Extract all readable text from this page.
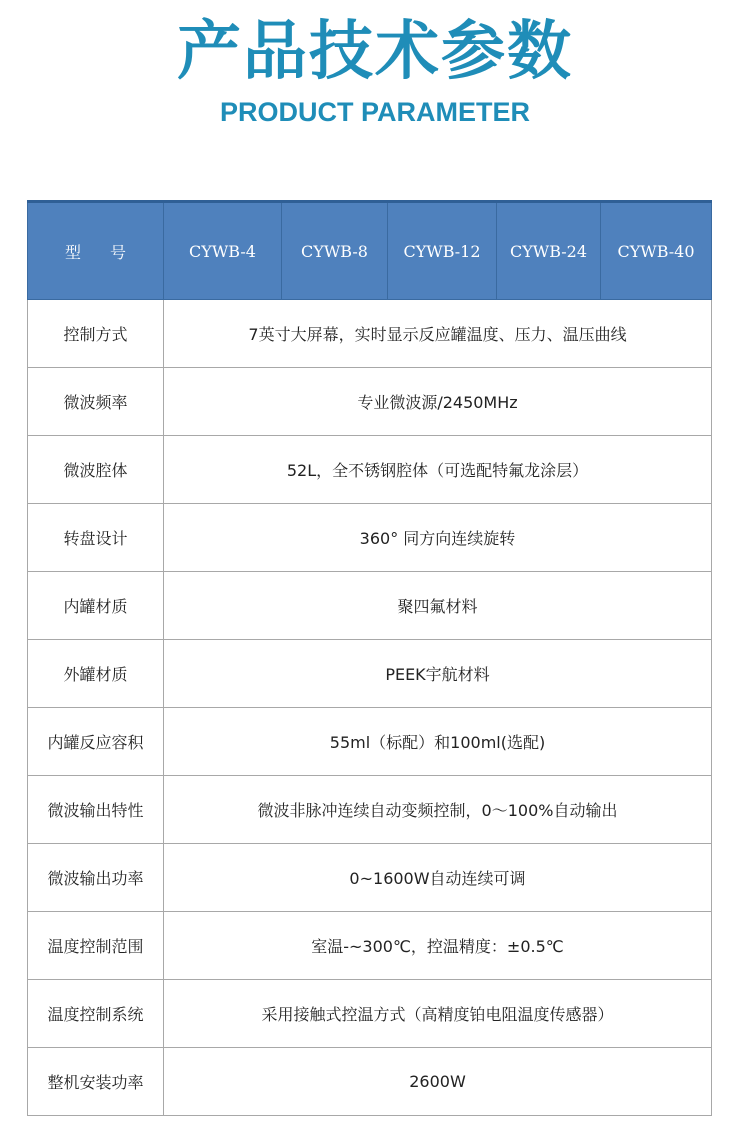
产品技术参数
PRODUCT PARAMETER
型 号	CYWB-4	CYWB-8	CYWB-12	CYWB-24	CYWB-40
控制方式	7英寸大屏幕，实时显示反应罐温度、压力、温压曲线				
微波频率	专业微波源/2450MHz				
微波腔体	52L，全不锈钢腔体（可选配特氟龙涂层）				
转盘设计	360° 同方向连续旋转				
内罐材质	聚四氟材料				
外罐材质	PEEK宇航材料				
内罐反应容积	55ml（标配）和100ml(选配)				
微波输出特性	微波非脉冲连续自动变频控制，0～100%自动输出				
微波输出功率	0~1600W自动连续可调				
温度控制范围	室温-~300℃，控温精度：±0.5℃				
温度控制系统	采用接触式控温方式（高精度铂电阻温度传感器）				
整机安装功率	2600W				
